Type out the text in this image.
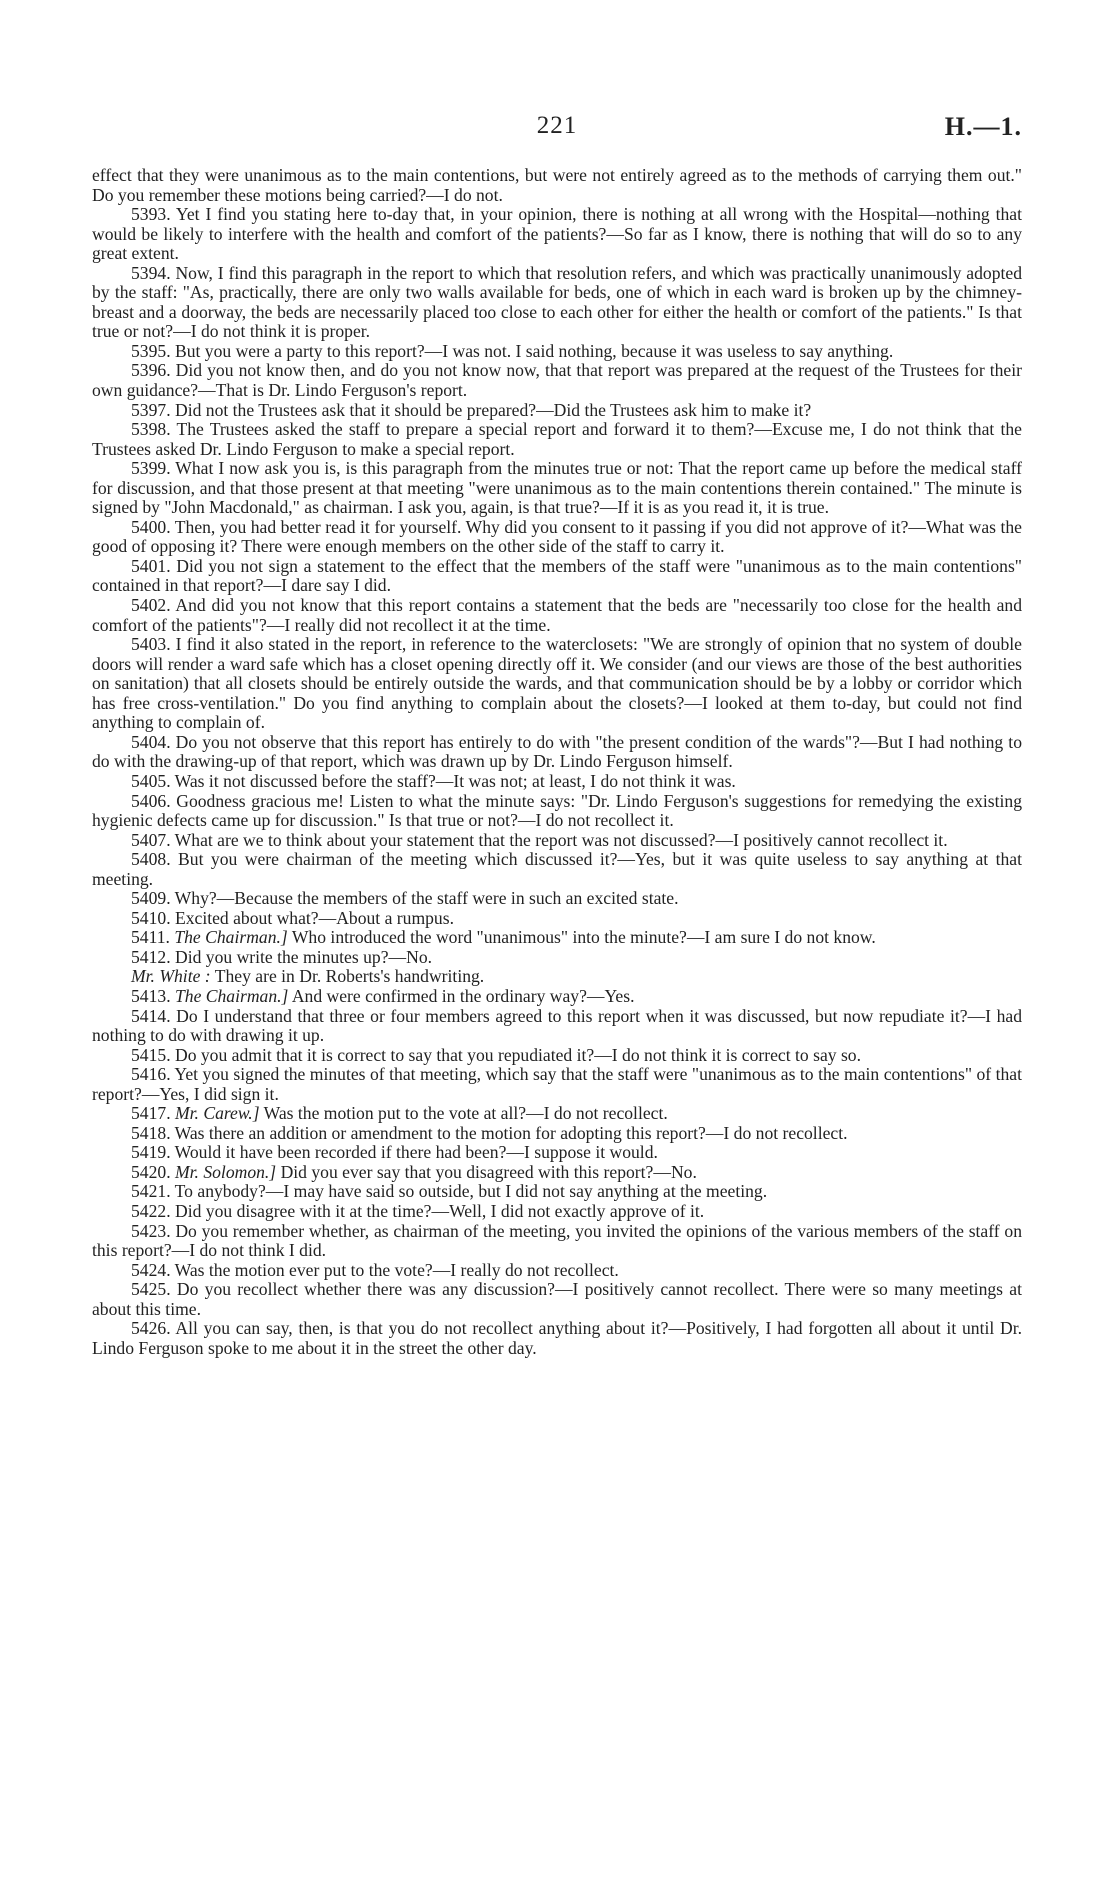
221	H.—1.

effect that they were unanimous as to the main contentions, but were not entirely agreed as to the methods of carrying them out." Do you remember these motions being carried?—I do not.

5393. Yet I find you stating here to-day that, in your opinion, there is nothing at all wrong with the Hospital—nothing that would be likely to interfere with the health and comfort of the patients?—So far as I know, there is nothing that will do so to any great extent.

5394. Now, I find this paragraph in the report to which that resolution refers, and which was practically unanimously adopted by the staff: "As, practically, there are only two walls available for beds, one of which in each ward is broken up by the chimney-breast and a doorway, the beds are necessarily placed too close to each other for either the health or comfort of the patients." Is that true or not?—I do not think it is proper.

5395. But you were a party to this report?—I was not. I said nothing, because it was useless to say anything.

5396. Did you not know then, and do you not know now, that that report was prepared at the request of the Trustees for their own guidance?—That is Dr. Lindo Ferguson's report.

5397. Did not the Trustees ask that it should be prepared?—Did the Trustees ask him to make it?

5398. The Trustees asked the staff to prepare a special report and forward it to them?—Excuse me, I do not think that the Trustees asked Dr. Lindo Ferguson to make a special report.

5399. What I now ask you is, is this paragraph from the minutes true or not: That the report came up before the medical staff for discussion, and that those present at that meeting "were unanimous as to the main contentions therein contained." The minute is signed by "John Macdonald," as chairman. I ask you, again, is that true?—If it is as you read it, it is true.

5400. Then, you had better read it for yourself. Why did you consent to it passing if you did not approve of it?—What was the good of opposing it? There were enough members on the other side of the staff to carry it.

5401. Did you not sign a statement to the effect that the members of the staff were "unanimous as to the main contentions" contained in that report?—I dare say I did.

5402. And did you not know that this report contains a statement that the beds are "necessarily too close for the health and comfort of the patients"?—I really did not recollect it at the time.

5403. I find it also stated in the report, in reference to the waterclosets: "We are strongly of opinion that no system of double doors will render a ward safe which has a closet opening directly off it. We consider (and our views are those of the best authorities on sanitation) that all closets should be entirely outside the wards, and that communication should be by a lobby or corridor which has free cross-ventilation." Do you find anything to complain about the closets?—I looked at them to-day, but could not find anything to complain of.

5404. Do you not observe that this report has entirely to do with "the present condition of the wards"?—But I had nothing to do with the drawing-up of that report, which was drawn up by Dr. Lindo Ferguson himself.

5405. Was it not discussed before the staff?—It was not; at least, I do not think it was.

5406. Goodness gracious me! Listen to what the minute says: "Dr. Lindo Ferguson's suggestions for remedying the existing hygienic defects came up for discussion." Is that true or not?—I do not recollect it.

5407. What are we to think about your statement that the report was not discussed?—I positively cannot recollect it.

5408. But you were chairman of the meeting which discussed it?—Yes, but it was quite useless to say anything at that meeting.

5409. Why?—Because the members of the staff were in such an excited state.

5410. Excited about what?—About a rumpus.

5411. The Chairman.] Who introduced the word "unanimous" into the minute?—I am sure I do not know.

5412. Did you write the minutes up?—No.

Mr. White : They are in Dr. Roberts's handwriting.

5413. The Chairman.] And were confirmed in the ordinary way?—Yes.

5414. Do I understand that three or four members agreed to this report when it was discussed, but now repudiate it?—I had nothing to do with drawing it up.

5415. Do you admit that it is correct to say that you repudiated it?—I do not think it is correct to say so.

5416. Yet you signed the minutes of that meeting, which say that the staff were "unanimous as to the main contentions" of that report?—Yes, I did sign it.

5417. Mr. Carew.] Was the motion put to the vote at all?—I do not recollect.

5418. Was there an addition or amendment to the motion for adopting this report?—I do not recollect.

5419. Would it have been recorded if there had been?—I suppose it would.

5420. Mr. Solomon.] Did you ever say that you disagreed with this report?—No.

5421. To anybody?—I may have said so outside, but I did not say anything at the meeting.

5422. Did you disagree with it at the time?—Well, I did not exactly approve of it.

5423. Do you remember whether, as chairman of the meeting, you invited the opinions of the various members of the staff on this report?—I do not think I did.

5424. Was the motion ever put to the vote?—I really do not recollect.

5425. Do you recollect whether there was any discussion?—I positively cannot recollect. There were so many meetings at about this time.

5426. All you can say, then, is that you do not recollect anything about it?—Positively, I had forgotten all about it until Dr. Lindo Ferguson spoke to me about it in the street the other day.
